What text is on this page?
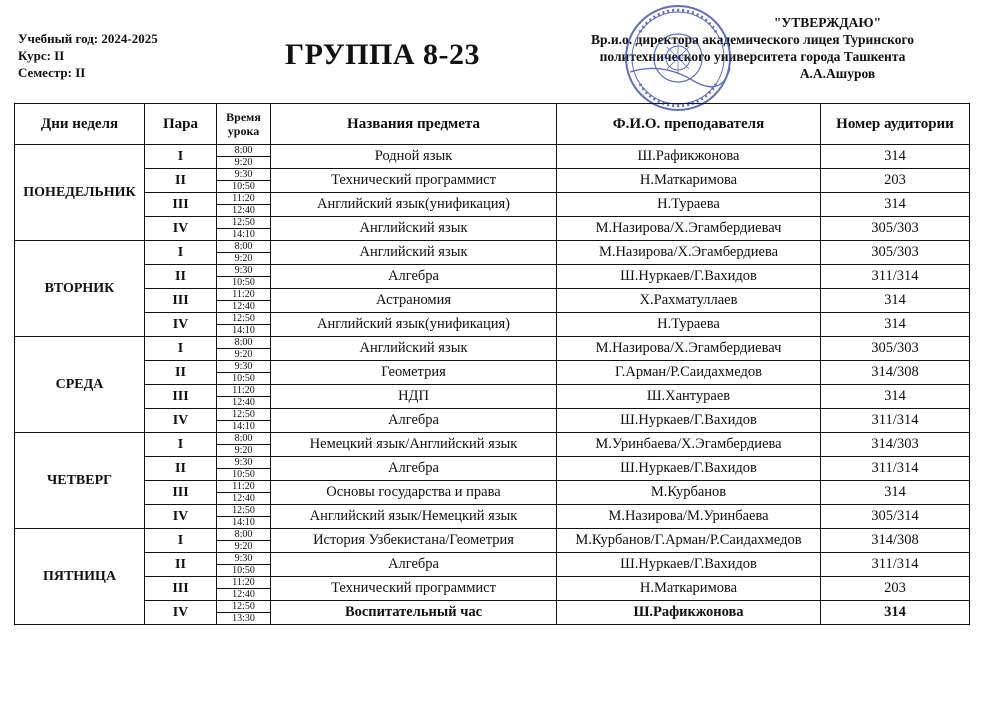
Учебный год: 2024-2025
Курс: II
Семестр: II
ГРУППА 8-23
"УТВЕРЖДАЮ"
Вр.и.о. директора академического лицея Туринского
политехнического университета города Ташкента
А.А.Ашуров
Дни неделя	Пара	Время урока	Названия предмета	Ф.И.О. преподавателя	Номер аудитории
ПОНЕДЕЛЬНИК	I	8:00	Родной язык	Ш.Рафикжонова	314
		9:20			
	II	9:30	Технический программист	Н.Маткаримова	203
		10:50			
	III	11:20	Английский язык(унификация)	Н.Тураева	314
		12:40			
	IV	12:50	Английский язык	М.Назирова/Х.Эгамбердиевач	305/303
		14:10			
ВТОРНИК	I	8:00	Английский язык	М.Назирова/Х.Эгамбердиева	305/303
		9:20			
	II	9:30	Алгебра	Ш.Нуркаев/Г.Вахидов	311/314
		10:50			
	III	11:20	Астраномия	Х.Рахматуллаев	314
		12:40			
	IV	12:50	Английский язык(унификация)	Н.Тураева	314
		14:10			
СРЕДА	I	8:00	Английский язык	М.Назирова/Х.Эгамбердиевач	305/303
		9:20			
	II	9:30	Геометрия	Г.Арман/Р.Саидахмедов	314/308
		10:50			
	III	11:20	НДП	Ш.Хантураев	314
		12:40			
	IV	12:50	Алгебра	Ш.Нуркаев/Г.Вахидов	311/314
		14:10			
ЧЕТВЕРГ	I	8:00	Немецкий язык/Английский язык	М.Уринбаева/Х.Эгамбердиева	314/303
		9:20			
	II	9:30	Алгебра	Ш.Нуркаев/Г.Вахидов	311/314
		10:50			
	III	11:20	Основы государства и права	М.Курбанов	314
		12:40			
	IV	12:50	Английский язык/Немецкий язык	М.Назирова/М.Уринбаева	305/314
		14:10			
ПЯТНИЦА	I	8:00	История Узбекистана/Геометрия	М.Курбанов/Г.Арман/Р.Саидахмедов	314/308
		9:20			
	II	9:30	Алгебра	Ш.Нуркаев/Г.Вахидов	311/314
		10:50			
	III	11:20	Технический программист	Н.Маткаримова	203
		12:40			
	IV	12:50	Воспитательный час	Ш.Рафикжонова	314
		13:30			
